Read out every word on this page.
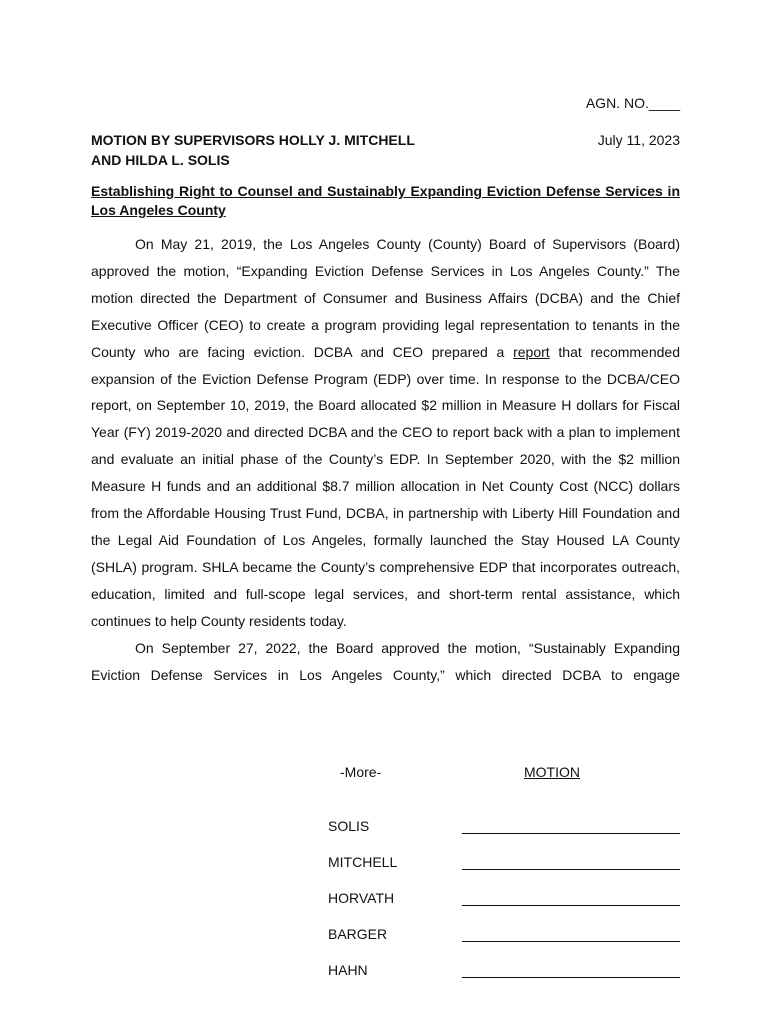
AGN. NO.____
MOTION BY SUPERVISORS HOLLY J. MITCHELL
AND HILDA L. SOLIS
July 11, 2023
Establishing Right to Counsel and Sustainably Expanding Eviction Defense Services in Los Angeles County

On May 21, 2019, the Los Angeles County (County) Board of Supervisors (Board) approved the motion, “Expanding Eviction Defense Services in Los Angeles County.” The motion directed the Department of Consumer and Business Affairs (DCBA) and the Chief Executive Officer (CEO) to create a program providing legal representation to tenants in the County who are facing eviction. DCBA and CEO prepared a report that recommended expansion of the Eviction Defense Program (EDP) over time. In response to the DCBA/CEO report, on September 10, 2019, the Board allocated $2 million in Measure H dollars for Fiscal Year (FY) 2019-2020 and directed DCBA and the CEO to report back with a plan to implement and evaluate an initial phase of the County’s EDP. In September 2020, with the $2 million Measure H funds and an additional $8.7 million allocation in Net County Cost (NCC) dollars from the Affordable Housing Trust Fund, DCBA, in partnership with Liberty Hill Foundation and the Legal Aid Foundation of Los Angeles, formally launched the Stay Housed LA County (SHLA) program. SHLA became the County’s comprehensive EDP that incorporates outreach, education, limited and full-scope legal services, and short-term rental assistance, which continues to help County residents today.

On September 27, 2022, the Board approved the motion, “Sustainably Expanding Eviction Defense Services in Los Angeles County,” which directed DCBA to engage

-More-	MOTION
SOLIS
MITCHELL
HORVATH
BARGER
HAHN
